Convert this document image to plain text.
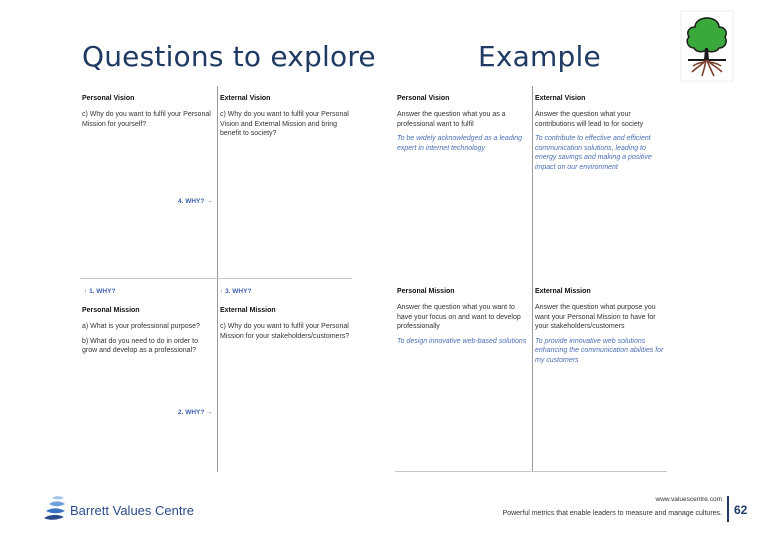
Questions to explore	Example
Personal Vision
c) Why do you want to fulfil your Personal Mission for yourself?
4. WHY? →
External Vision
c) Why do you want to fulfil your Personal Vision and External Mission and bring benefit to society?
↑ 1. WHY?	↑ 3. WHY?
Personal Mission
a) What is your professional purpose?
b) What do you need to do in order to grow and develop as a professional?
2. WHY? →
External Mission
c) Why do you want to fulfil your Personal Mission for your stakeholders/customers?
Personal Vision
Answer the question what you as a professional want to fulfil
To be widely acknowledged as a leading expert in internet technology
External Vision
Answer the question what your contributions will lead to for society
To contribute to effective and efficient communication solutions, leading to energy savings and making a positive impact on our environment
Personal Mission
Answer the question what you want to have your focus on and want to develop professionally
To design innovative web-based solutions
External Mission
Answer the question what purpose you want your Personal Mission to have for your stakeholders/customers
To provide innovative web solutions enhancing the communication abilities for my customers
Barrett Values Centre
www.valuescentre.com
Powerful metrics that enable leaders to measure and manage cultures. 62
